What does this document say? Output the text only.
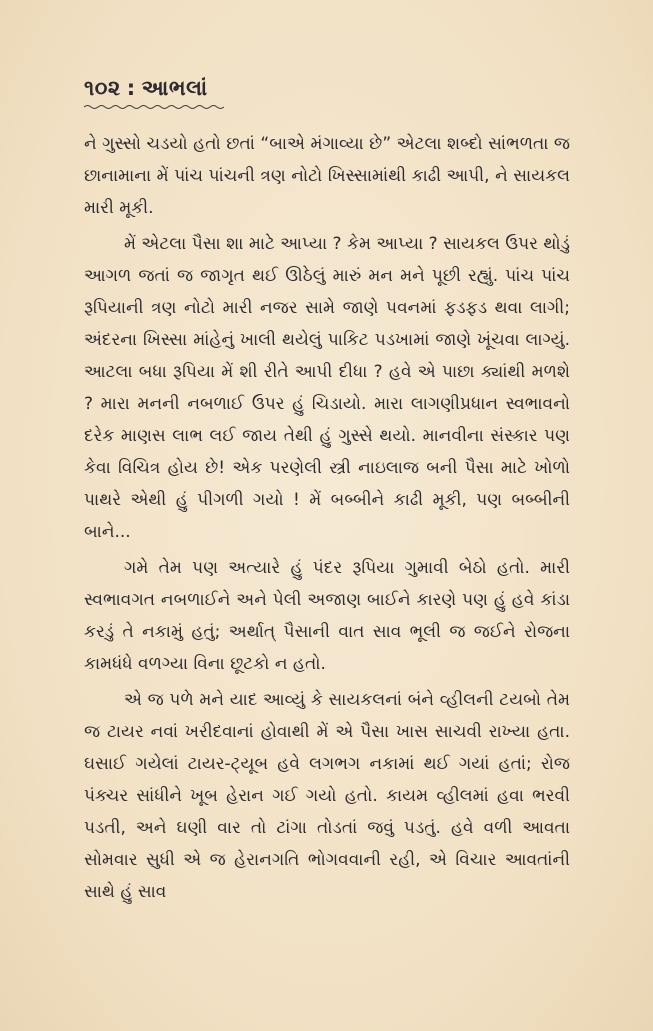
૧૦૨ : આભલાં

ને ગુસ્સો ચડયો હતો છતાં “બાએ મંગાવ્યા છે” એટલા શબ્દો સાંભળતા જ છાનામાના મેં પાંચ પાંચની ત્રણ નોટો ખિસ્સામાંથી કાઢી આપી, ને સાયકલ મારી મૂકી.

મેં એટલા પૈસા શા માટે આપ્યા ? કેમ આપ્યા ? સાયકલ ઉપર થોડું આગળ જતાં જ જાગૃત થઈ ઊઠેલું મારું મન મને પૂછી રહ્યું. પાંચ પાંચ રૂપિયાની ત્રણ નોટો મારી નજર સામે જાણે પવનમાં ફડફડ થવા લાગી; અંદરના ખિસ્સા માંહેનું ખાલી થયેલું પાકિટ પડખામાં જાણે ખૂંચવા લાગ્યું. આટલા બધા રૂપિયા મેં શી રીતે આપી દીધા ? હવે એ પાછા ક્યાંથી મળશે ? મારા મનની નબળાઈ ઉપર હું ચિડાયો. મારા લાગણીપ્રધાન સ્વભાવનો દરેક માણસ લાભ લઈ જાય તેથી હું ગુસ્સે થયો. માનવીના સંસ્કાર પણ કેવા વિચિત્ર હોય છે! એક પરણેલી સ્ત્રી નાઇલાજ બની પૈસા માટે ખોળો પાથરે એથી હું પીગળી ગયો ! મેં બબ્બીને કાઢી મૂકી, પણ બબ્બીની બાને...

ગમે તેમ પણ અત્યારે હું પંદર રૂપિયા ગુમાવી બેઠો હતો. મારી સ્વભાવગત નબળાઈને અને પેલી અજાણ બાઈને કારણે પણ હું હવે કાંડા કરડું તે નકામું હતું; અર્થાત્ પૈસાની વાત સાવ ભૂલી જ જઈને રોજના કામધંધે વળગ્યા વિના છૂટકો ન હતો.

એ જ પળે મને યાદ આવ્યું કે સાયકલનાં બંને વ્હીલની ટયબો તેમ જ ટાયર નવાં ખરીદવાનાં હોવાથી મેં એ પૈસા ખાસ સાચવી રાખ્યા હતા. ઘસાઈ ગયેલાં ટાયર-ટ્યૂબ હવે લગભગ નકામાં થઈ ગયાં હતાં; રોજ પંક્ચર સાંધીને ખૂબ હેરાન ગઈ ગયો હતો. કાયમ વ્હીલમાં હવા ભરવી પડતી, અને ઘણી વાર તો ટાંગા તોડતાં જવું પડતું. હવે વળી આવતા સોમવાર સુધી એ જ હેરાનગતિ ભોગવવાની રહી, એ વિચાર આવતાંની સાથે હું સાવ
